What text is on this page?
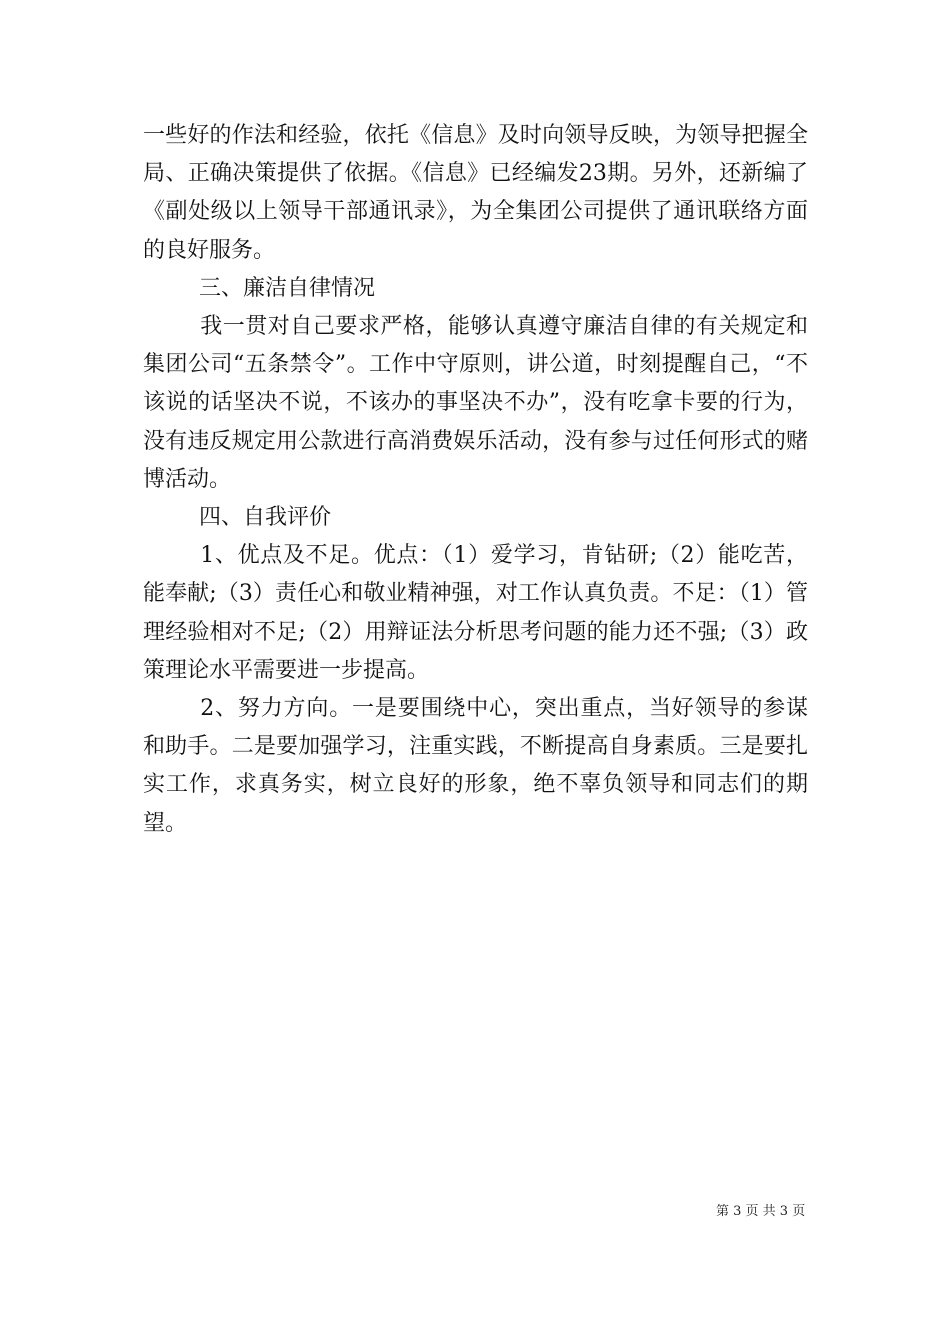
一些好的作法和经验，依托《信息》及时向领导反映，为领导把握全局、正确决策提供了依据。《信息》已经编发23期。另外，还新编了《副处级以上领导干部通讯录》，为全集团公司提供了通讯联络方面的良好服务。

三、廉洁自律情况

我一贯对自己要求严格，能够认真遵守廉洁自律的有关规定和集团公司“五条禁令”。工作中守原则，讲公道，时刻提醒自己，“不该说的话坚决不说，不该办的事坚决不办”，没有吃拿卡要的行为，没有违反规定用公款进行高消费娱乐活动，没有参与过任何形式的赌博活动。

四、自我评价

1、优点及不足。优点：（1）爱学习，肯钻研;（2）能吃苦，能奉献;（3）责任心和敬业精神强，对工作认真负责。不足：（1）管理经验相对不足;（2）用辩证法分析思考问题的能力还不强;（3）政策理论水平需要进一步提高。

2、努力方向。一是要围绕中心，突出重点，当好领导的参谋和助手。二是要加强学习，注重实践，不断提高自身素质。三是要扎实工作，求真务实，树立良好的形象，绝不辜负领导和同志们的期望。

第 3 页 共 3 页
